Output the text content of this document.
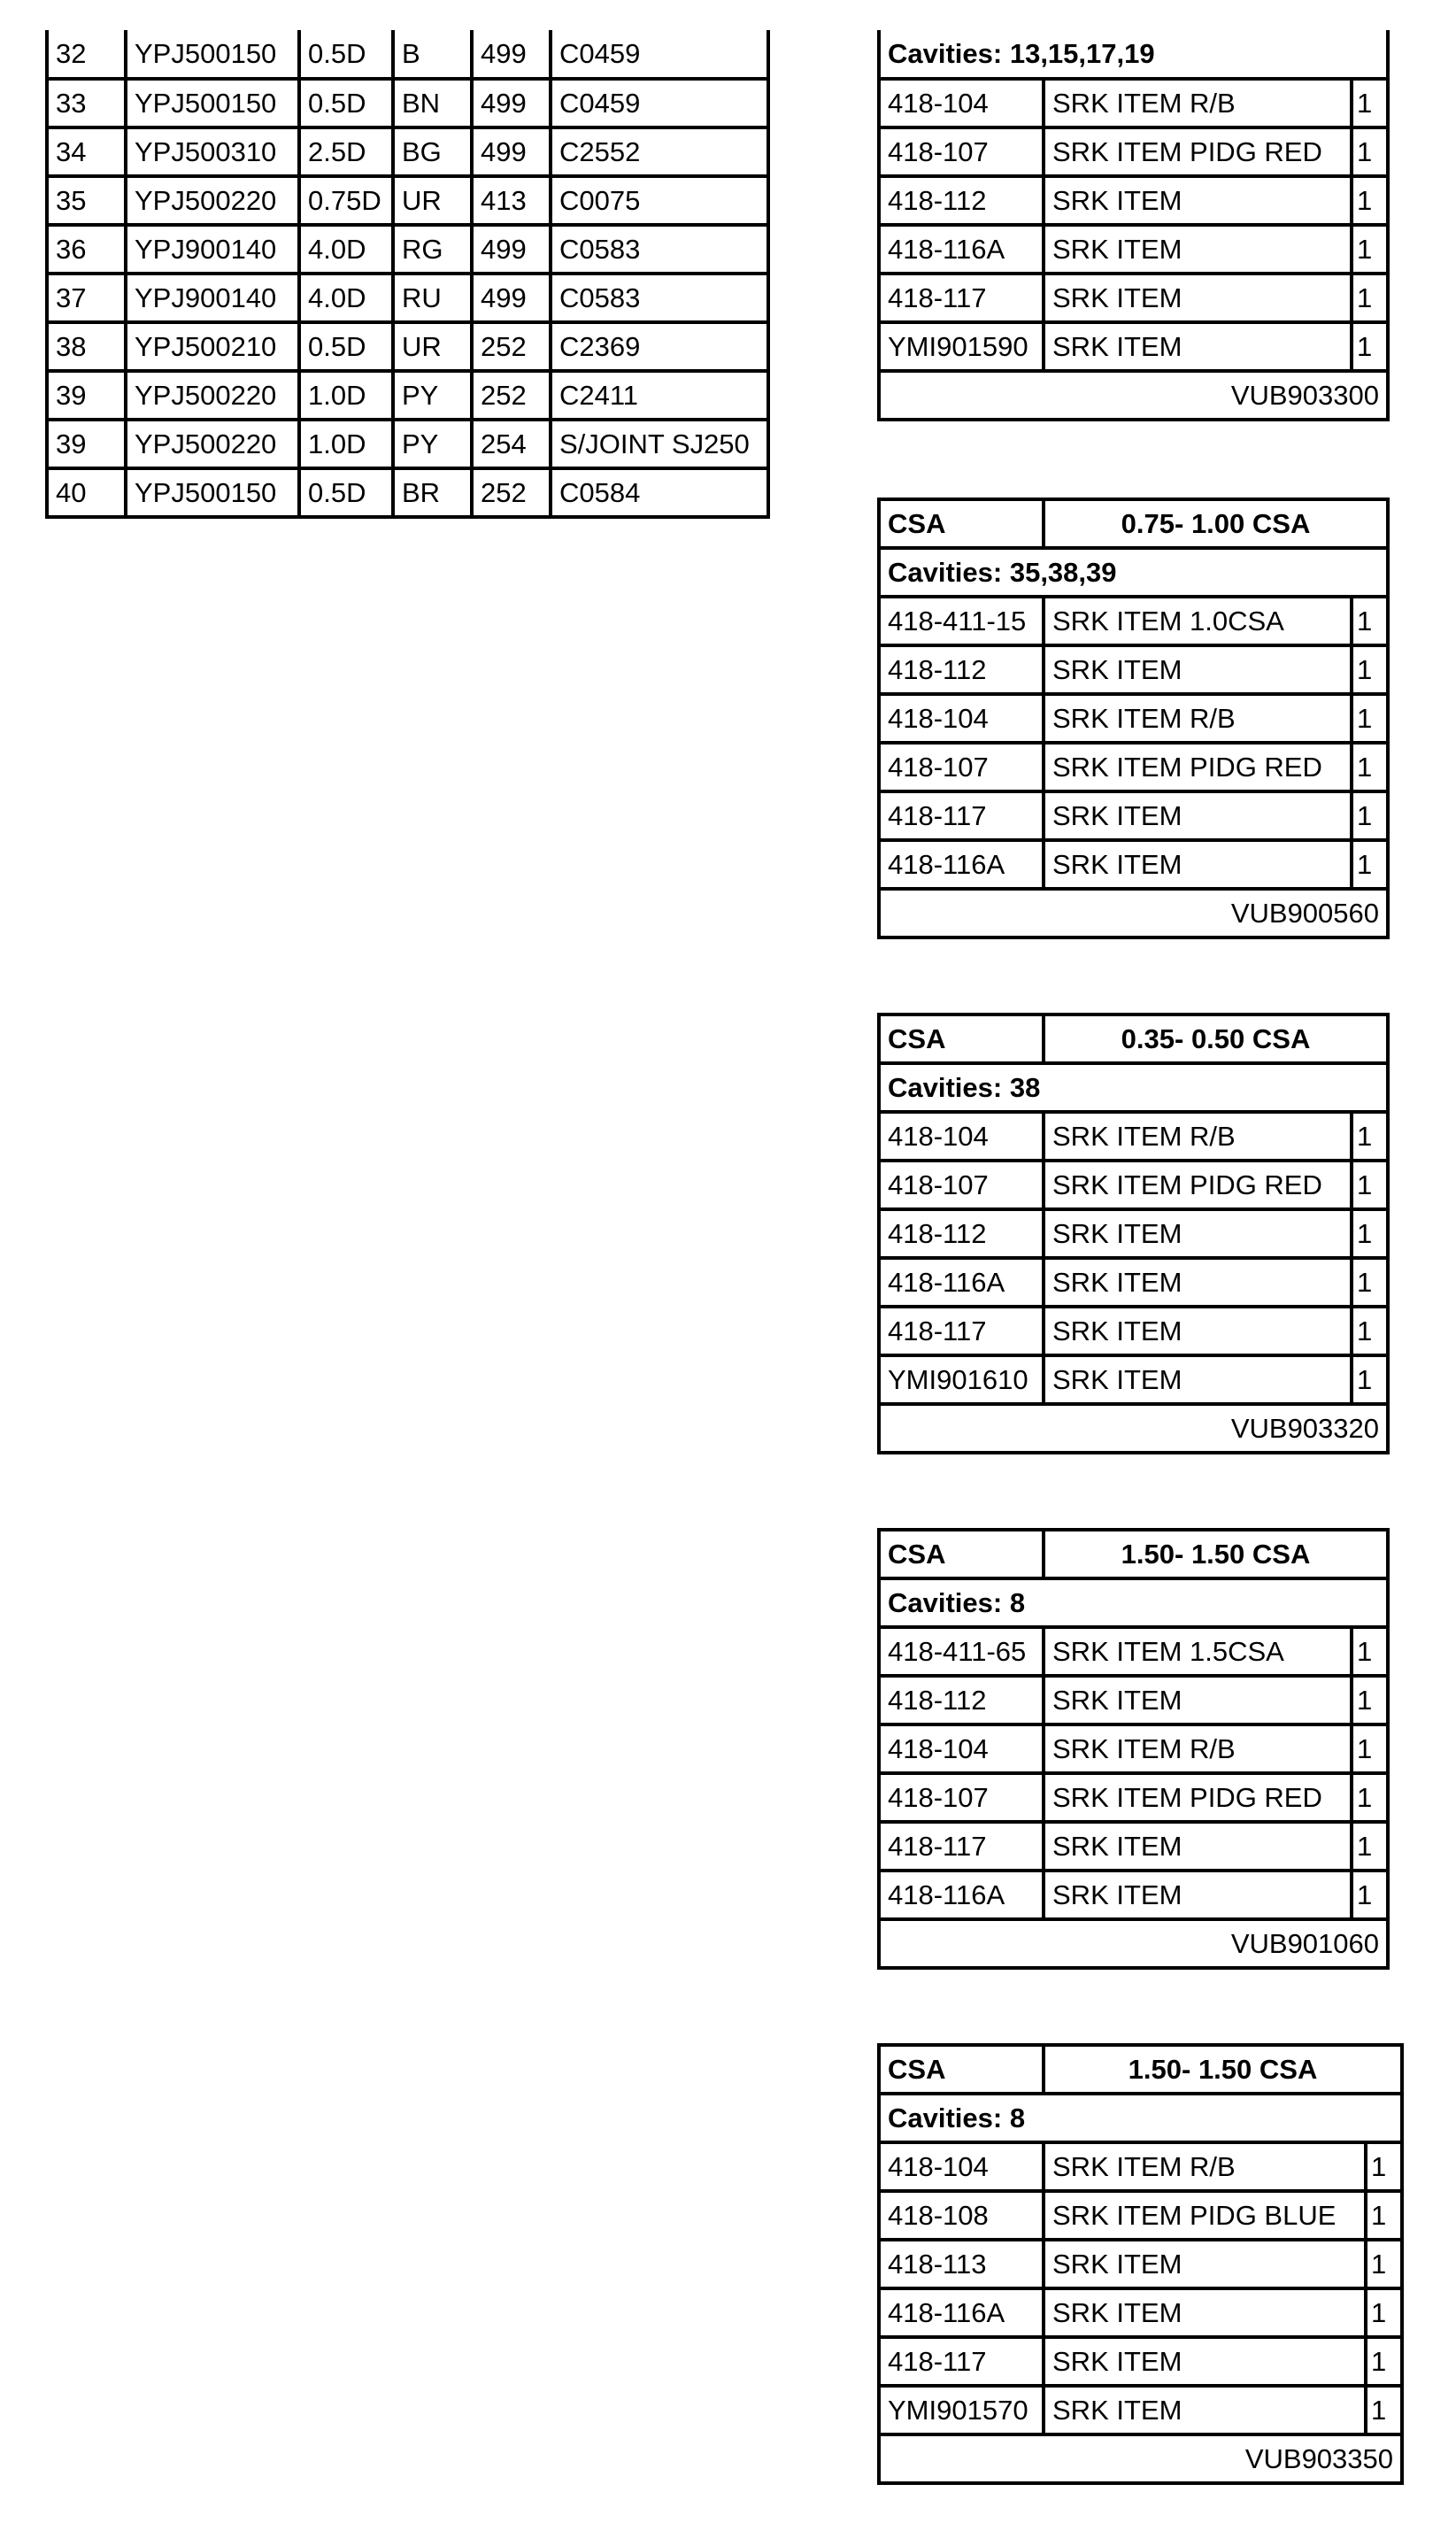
32	YPJ500150	0.5D	B	499	C0459
33	YPJ500150	0.5D	BN	499	C0459
34	YPJ500310	2.5D	BG	499	C2552
35	YPJ500220	0.75D	UR	413	C0075
36	YPJ900140	4.0D	RG	499	C0583
37	YPJ900140	4.0D	RU	499	C0583
38	YPJ500210	0.5D	UR	252	C2369
39	YPJ500220	1.0D	PY	252	C2411
39	YPJ500220	1.0D	PY	254	S/JOINT SJ250
40	YPJ500150	0.5D	BR	252	C0584
Cavities: 13,15,17,19		
418-104	SRK ITEM R/B	1
418-107	SRK ITEM PIDG RED	1
418-112	SRK ITEM	1
418-116A	SRK ITEM	1
418-117	SRK ITEM	1
YMI901590	SRK ITEM	1
VUB903300		
CSA	0.75- 1.00 CSA	
Cavities: 35,38,39		
418-411-15	SRK ITEM 1.0CSA	1
418-112	SRK ITEM	1
418-104	SRK ITEM R/B	1
418-107	SRK ITEM PIDG RED	1
418-117	SRK ITEM	1
418-116A	SRK ITEM	1
VUB900560		
CSA	0.35- 0.50 CSA	
Cavities: 38		
418-104	SRK ITEM R/B	1
418-107	SRK ITEM PIDG RED	1
418-112	SRK ITEM	1
418-116A	SRK ITEM	1
418-117	SRK ITEM	1
YMI901610	SRK ITEM	1
VUB903320		
CSA	1.50- 1.50 CSA	
Cavities: 8		
418-411-65	SRK ITEM 1.5CSA	1
418-112	SRK ITEM	1
418-104	SRK ITEM R/B	1
418-107	SRK ITEM PIDG RED	1
418-117	SRK ITEM	1
418-116A	SRK ITEM	1
VUB901060		
CSA	1.50- 1.50 CSA	
Cavities: 8		
418-104	SRK ITEM R/B	1
418-108	SRK ITEM PIDG BLUE	1
418-113	SRK ITEM	1
418-116A	SRK ITEM	1
418-117	SRK ITEM	1
YMI901570	SRK ITEM	1
VUB903350		
